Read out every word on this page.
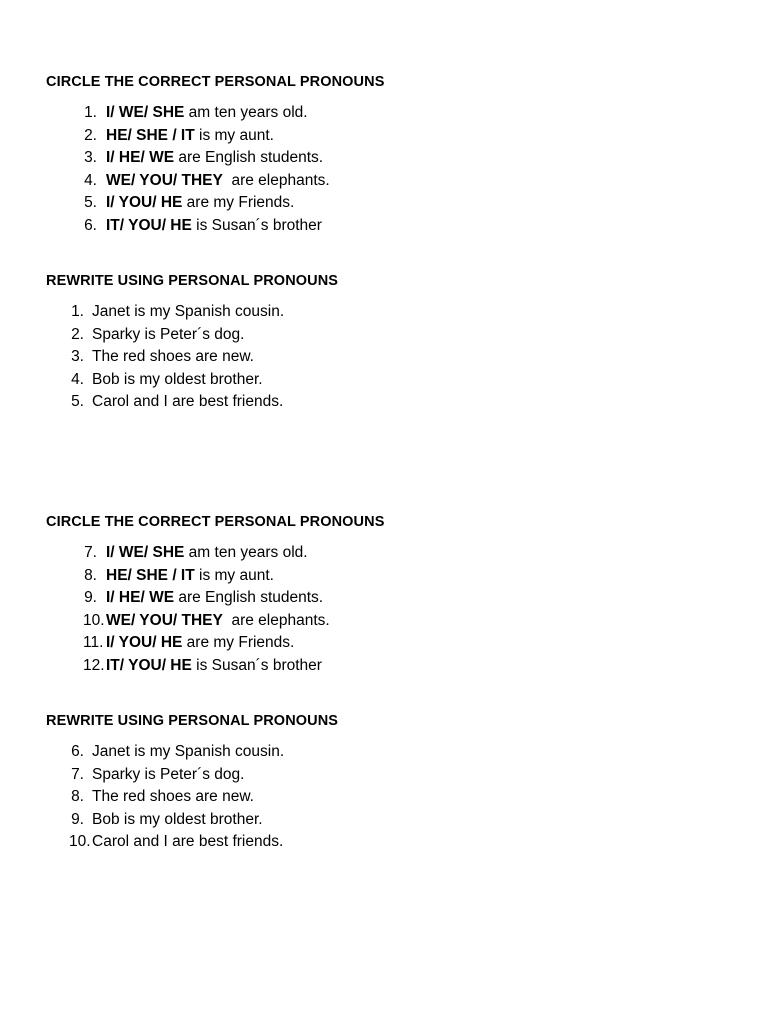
CIRCLE THE CORRECT PERSONAL PRONOUNS
1. I/ WE/ SHE am ten years old.
2. HE/ SHE / IT is my aunt.
3. I/ HE/ WE are English students.
4. WE/ YOU/ THEY  are elephants.
5. I/ YOU/ HE are my Friends.
6. IT/ YOU/ HE is Susan´s brother
REWRITE USING PERSONAL PRONOUNS
1. Janet is my Spanish cousin.
2. Sparky is Peter´s dog.
3. The red shoes are new.
4. Bob is my oldest brother.
5. Carol and I are best friends.
CIRCLE THE CORRECT PERSONAL PRONOUNS
7. I/ WE/ SHE am ten years old.
8. HE/ SHE / IT is my aunt.
9. I/ HE/ WE are English students.
10. WE/ YOU/ THEY  are elephants.
11. I/ YOU/ HE are my Friends.
12. IT/ YOU/ HE is Susan´s brother
REWRITE USING PERSONAL PRONOUNS
6. Janet is my Spanish cousin.
7. Sparky is Peter´s dog.
8. The red shoes are new.
9. Bob is my oldest brother.
10. Carol and I are best friends.
